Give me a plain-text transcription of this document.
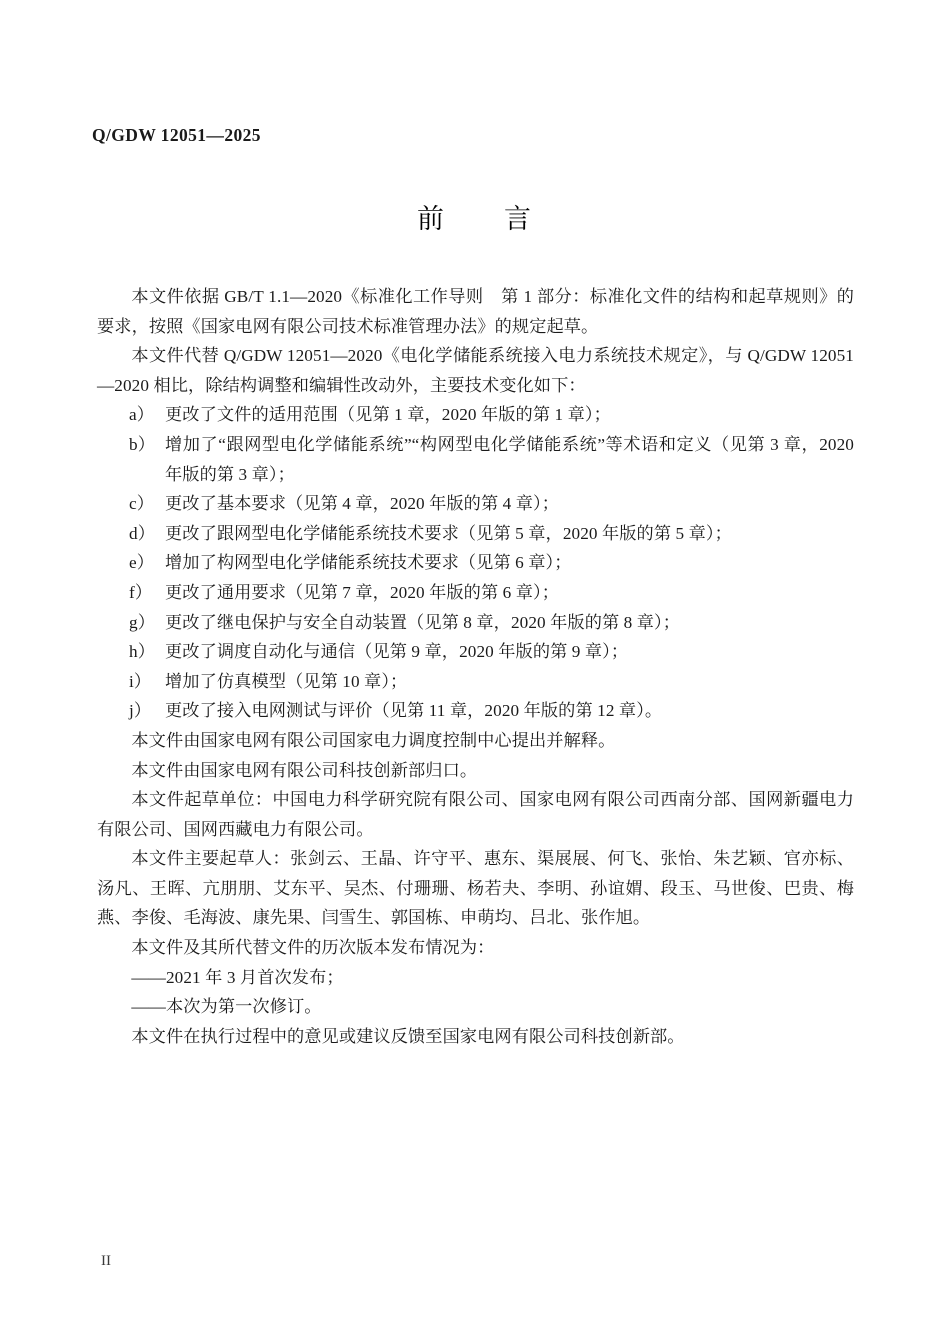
Q/GDW 12051—2025
前　　言

本文件依据 GB/T 1.1—2020《标准化工作导则　第 1 部分：标准化文件的结构和起草规则》的要求，按照《国家电网有限公司技术标准管理办法》的规定起草。

本文件代替 Q/GDW 12051—2020《电化学储能系统接入电力系统技术规定》，与 Q/GDW 12051—2020 相比，除结构调整和编辑性改动外，主要技术变化如下：

a） 更改了文件的适用范围（见第 1 章，2020 年版的第 1 章）；
b） 增加了“跟网型电化学储能系统”“构网型电化学储能系统”等术语和定义（见第 3 章，2020 年版的第 3 章）；
c） 更改了基本要求（见第 4 章，2020 年版的第 4 章）；
d） 更改了跟网型电化学储能系统技术要求（见第 5 章，2020 年版的第 5 章）；
e） 增加了构网型电化学储能系统技术要求（见第 6 章）；
f） 更改了通用要求（见第 7 章，2020 年版的第 6 章）；
g） 更改了继电保护与安全自动装置（见第 8 章，2020 年版的第 8 章）；
h） 更改了调度自动化与通信（见第 9 章，2020 年版的第 9 章）；
i） 增加了仿真模型（见第 10 章）；
j） 更改了接入电网测试与评价（见第 11 章，2020 年版的第 12 章）。

本文件由国家电网有限公司国家电力调度控制中心提出并解释。

本文件由国家电网有限公司科技创新部归口。

本文件起草单位：中国电力科学研究院有限公司、国家电网有限公司西南分部、国网新疆电力有限公司、国网西藏电力有限公司。

本文件主要起草人：张剑云、王晶、许守平、惠东、渠展展、何飞、张怡、朱艺颖、官亦标、汤凡、王晖、亢朋朋、艾东平、吴杰、付珊珊、杨若夬、李明、孙谊媦、段玉、马世俊、巴贵、梅燕、李俊、毛海波、康先果、闫雪生、郭国栋、申萌均、吕北、张作旭。

本文件及其所代替文件的历次版本发布情况为：

——2021 年 3 月首次发布；
——本次为第一次修订。

本文件在执行过程中的意见或建议反馈至国家电网有限公司科技创新部。

II
